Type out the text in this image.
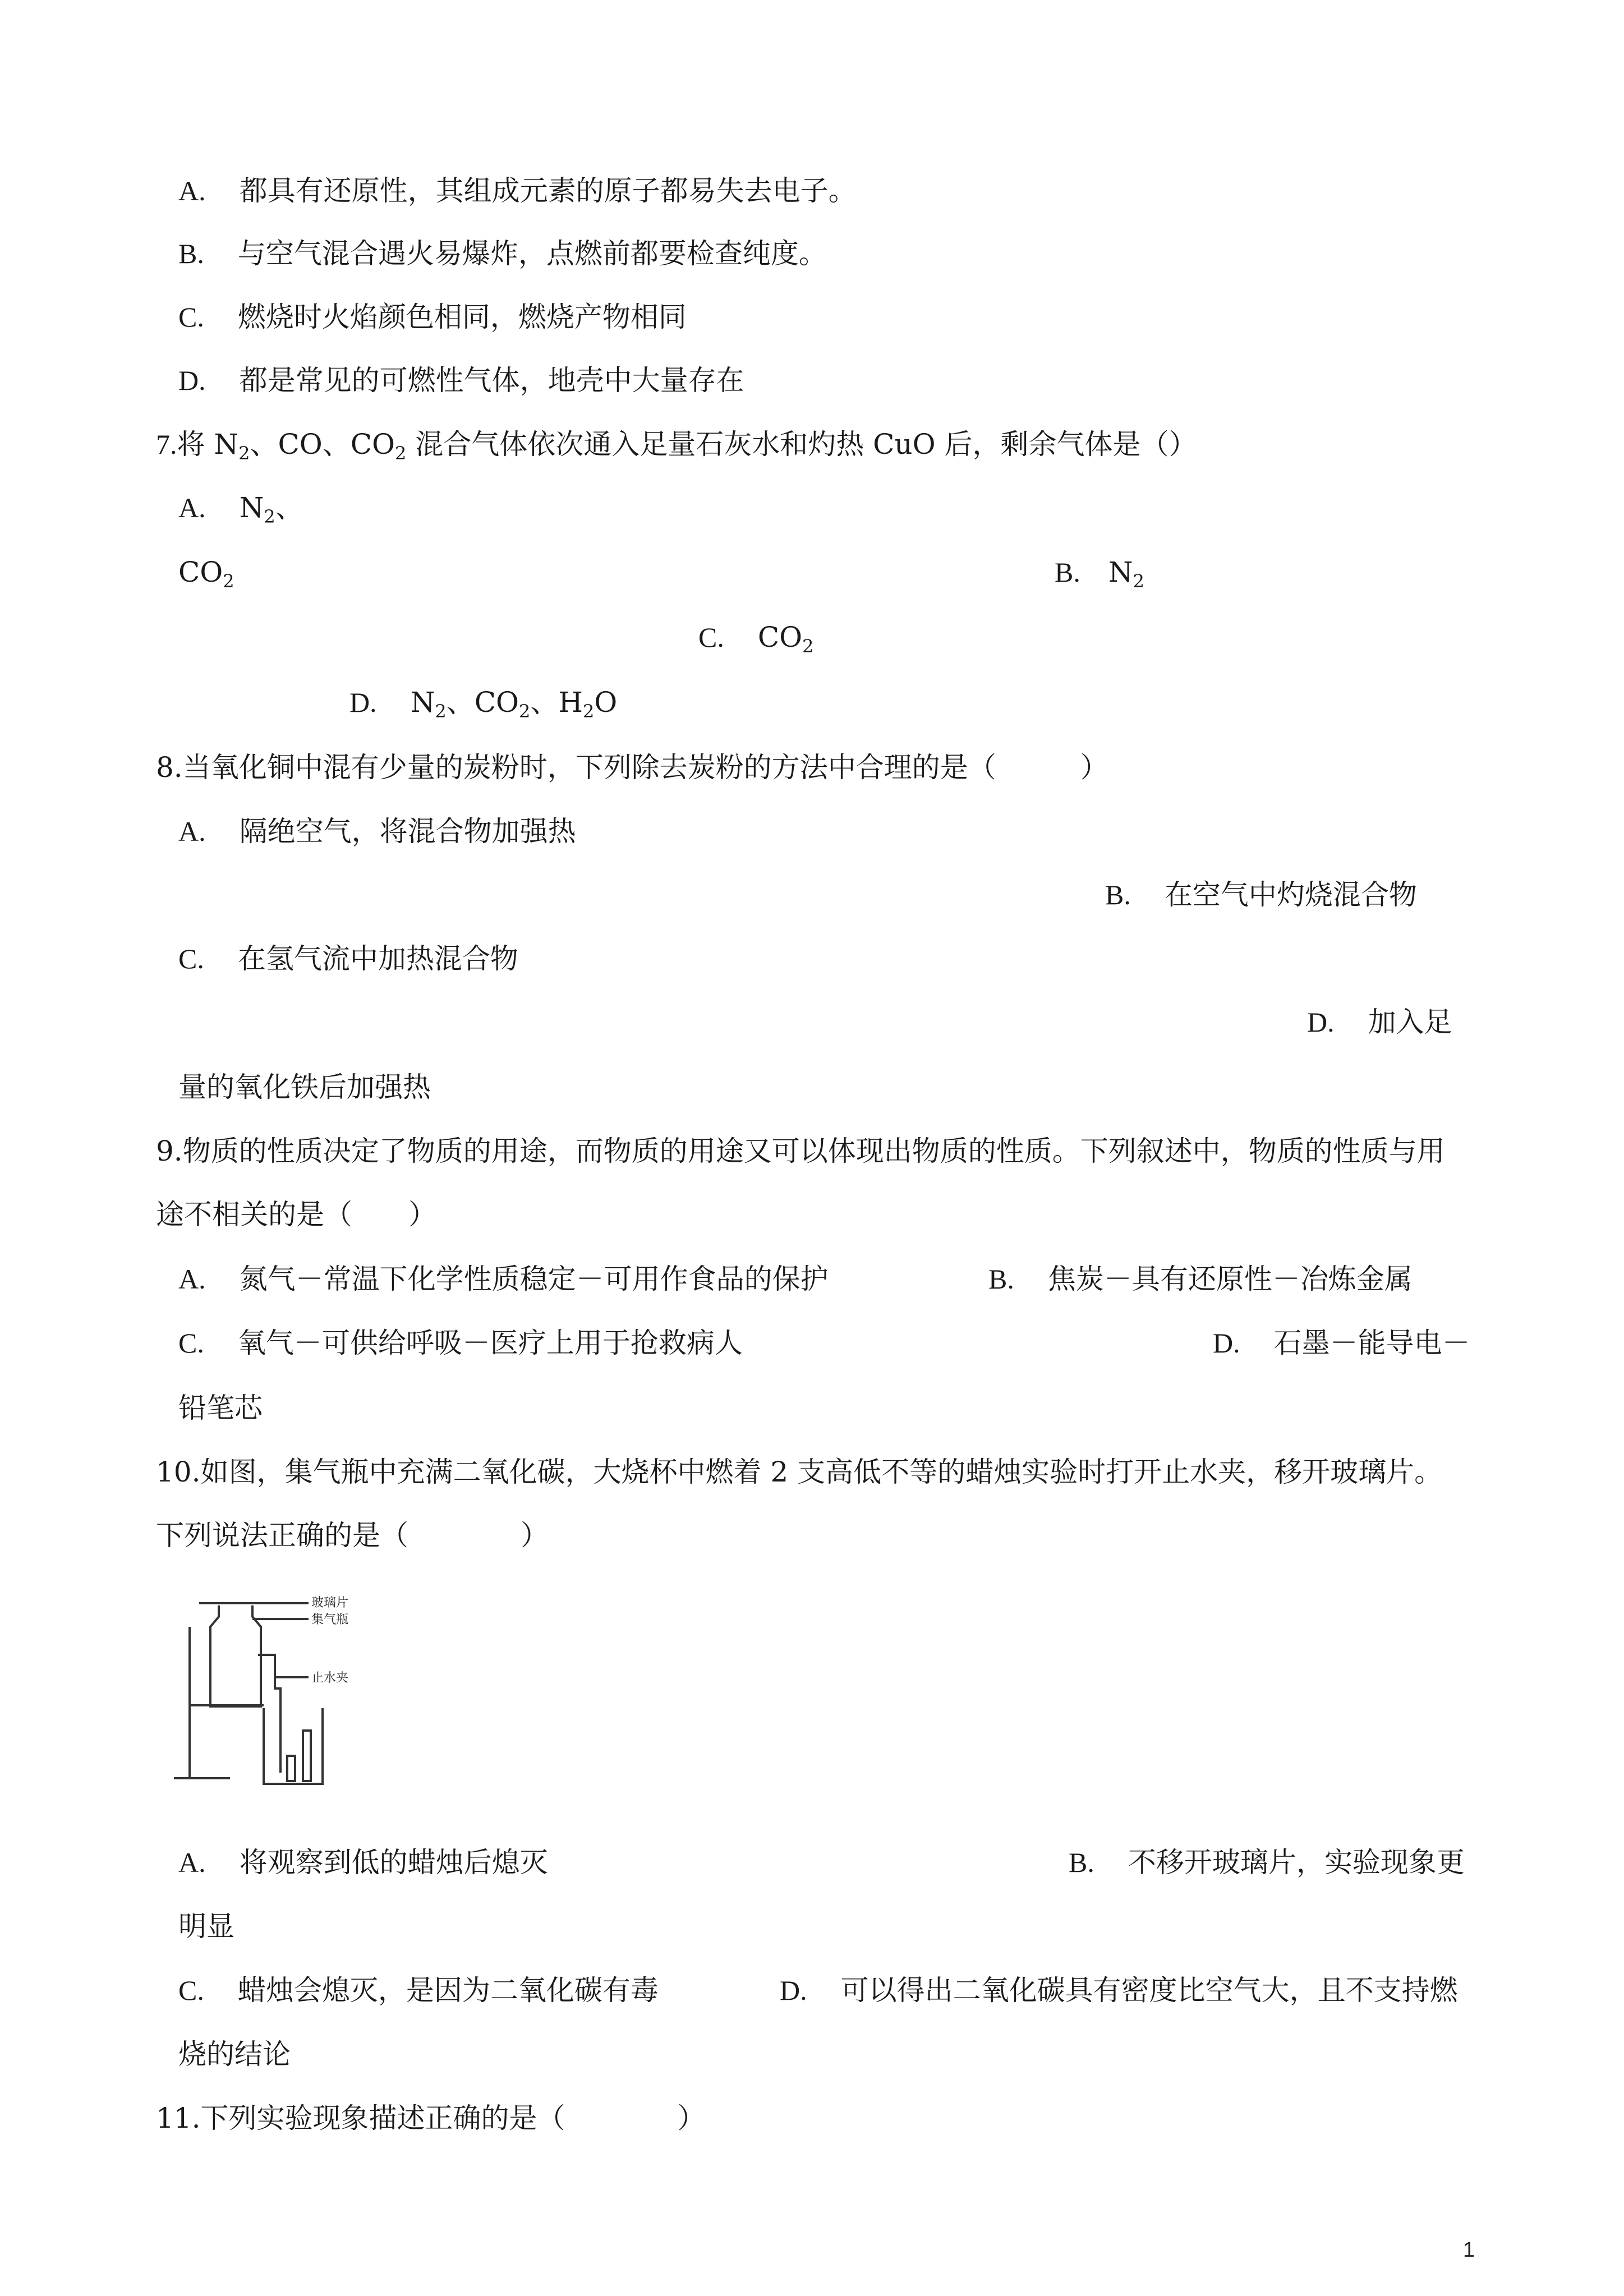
A. 都具有还原性，其组成元素的原子都易失去电子。
B. 与空气混合遇火易爆炸，点燃前都要检查纯度。
C. 燃烧时火焰颜色相同，燃烧产物相同
D. 都是常见的可燃性气体，地壳中大量存在
7.将 $N_2$、CO、$CO_2$ 混合气体依次通入足量石灰水和灼热 CuO 后，剩余气体是（）
A. $N_2$、
$CO_2$	B. $N_2$
C. $CO_2$
D. $N_2$、$CO_2$、$H_2O$
8.当氧化铜中混有少量的炭粉时，下列除去炭粉的方法中合理的是（　　　）
A. 隔绝空气，将混合物加强热
B. 在空气中灼烧混合物
C. 在氢气流中加热混合物
D. 加入足
量的氧化铁后加强热
9.物质的性质决定了物质的用途，而物质的用途又可以体现出物质的性质。下列叙述中，物质的性质与用
途不相关的是（　　）
A. 氮气－常温下化学性质稳定－可用作食品的保护	B. 焦炭－具有还原性－冶炼金属
C. 氧气－可供给呼吸－医疗上用于抢救病人	D. 石墨－能导电－
铅笔芯
10.如图，集气瓶中充满二氧化碳，大烧杯中燃着 2 支高低不等的蜡烛实验时打开止水夹，移开玻璃片。
下列说法正确的是（　　　　）
玻璃片
集气瓶
止水夹
A. 将观察到低的蜡烛后熄灭	B. 不移开玻璃片，实验现象更
明显
C. 蜡烛会熄灭，是因为二氧化碳有毒	D. 可以得出二氧化碳具有密度比空气大，且不支持燃
烧的结论
11.下列实验现象描述正确的是（　　　　）
1
